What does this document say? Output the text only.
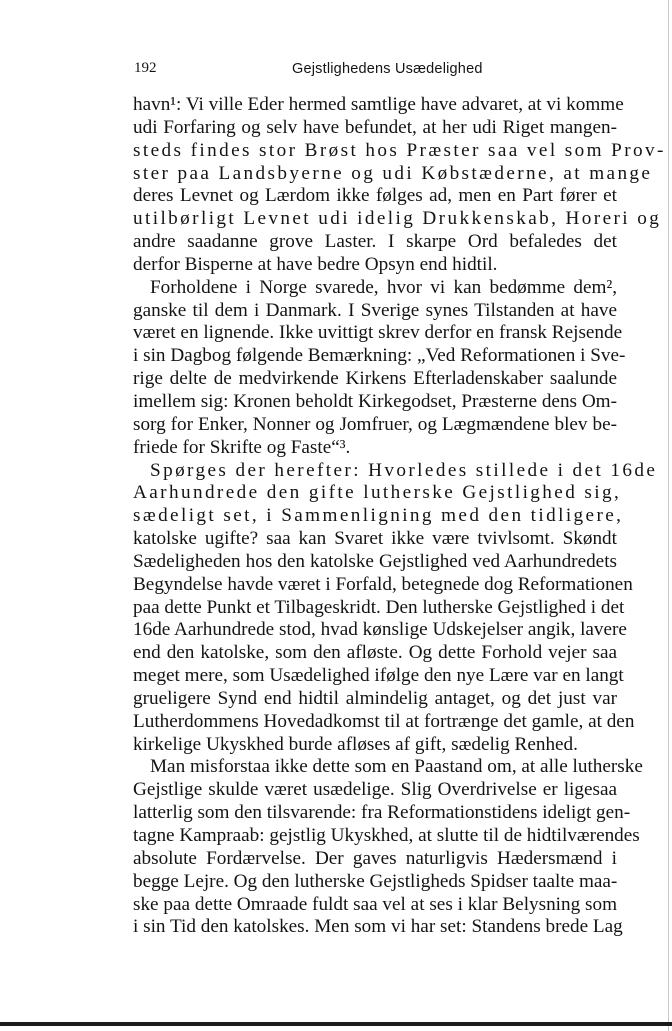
192	Gejstlighedens Usædelighed
havn¹: Vi ville Eder hermed samtlige have advaret, at vi komme
udi Forfaring og selv have befundet, at her udi Riget mangen-
steds findes stor Brøst hos Præster saa vel som Prov-
ster paa Landsbyerne og udi Købstæderne, at mange
deres Levnet og Lærdom ikke følges ad, men en Part fører et
utilbørligt Levnet udi idelig Drukkenskab, Horeri og
andre saadanne grove Laster. I skarpe Ord befaledes det
derfor Bisperne at have bedre Opsyn end hidtil.
Forholdene i Norge svarede, hvor vi kan bedømme dem²,
ganske til dem i Danmark. I Sverige synes Tilstanden at have
været en lignende. Ikke uvittigt skrev derfor en fransk Rejsende
i sin Dagbog følgende Bemærkning: „Ved Reformationen i Sve-
rige delte de medvirkende Kirkens Efterladenskaber saalunde
imellem sig: Kronen beholdt Kirkegodset, Præsterne dens Om-
sorg for Enker, Nonner og Jomfruer, og Lægmændene blev be-
friede for Skrifte og Faste“³.
Spørges der herefter: Hvorledes stillede i det 16de
Aarhundrede den gifte lutherske Gejstlighed sig,
sædeligt set, i Sammenligning med den tidligere,
katolske ugifte? saa kan Svaret ikke være tvivlsomt. Skøndt
Sædeligheden hos den katolske Gejstlighed ved Aarhundredets
Begyndelse havde været i Forfald, betegnede dog Reformationen
paa dette Punkt et Tilbageskridt. Den lutherske Gejstlighed i det
16de Aarhundrede stod, hvad kønslige Udskejelser angik, lavere
end den katolske, som den afløste. Og dette Forhold vejer saa
meget mere, som Usædelighed ifølge den nye Lære var en langt
grueligere Synd end hidtil almindelig antaget, og det just var
Lutherdommens Hovedadkomst til at fortrænge det gamle, at den
kirkelige Ukyskhed burde afløses af gift, sædelig Renhed.
Man misforstaa ikke dette som en Paastand om, at alle lutherske
Gejstlige skulde været usædelige. Slig Overdrivelse er ligesaa
latterlig som den tilsvarende: fra Reformationstidens ideligt gen-
tagne Kampraab: gejstlig Ukyskhed, at slutte til de hidtilværendes
absolute Fordærvelse. Der gaves naturligvis Hædersmænd i
begge Lejre. Og den lutherske Gejstligheds Spidser taalte maa-
ske paa dette Omraade fuldt saa vel at ses i klar Belysning som
i sin Tid den katolskes. Men som vi har set: Standens brede Lag
